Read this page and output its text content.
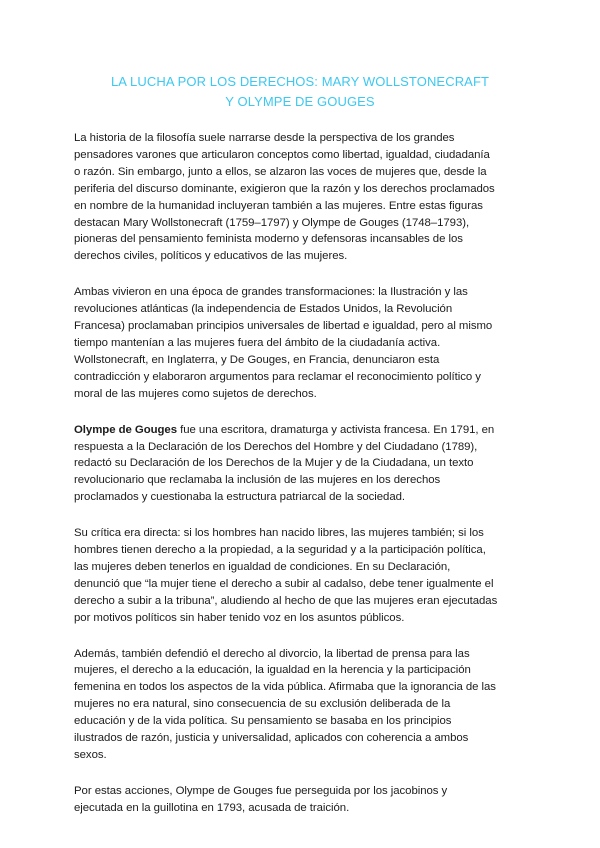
LA LUCHA POR LOS DERECHOS: MARY WOLLSTONECRAFT
Y OLYMPE DE GOUGES

La historia de la filosofía suele narrarse desde la perspectiva de los grandes
pensadores varones que articularon conceptos como libertad, igualdad, ciudadanía
o razón. Sin embargo, junto a ellos, se alzaron las voces de mujeres que, desde la
periferia del discurso dominante, exigieron que la razón y los derechos proclamados
en nombre de la humanidad incluyeran también a las mujeres. Entre estas figuras
destacan Mary Wollstonecraft (1759–1797) y Olympe de Gouges (1748–1793),
pioneras del pensamiento feminista moderno y defensoras incansables de los
derechos civiles, políticos y educativos de las mujeres.

Ambas vivieron en una época de grandes transformaciones: la Ilustración y las
revoluciones atlánticas (la independencia de Estados Unidos, la Revolución
Francesa) proclamaban principios universales de libertad e igualdad, pero al mismo
tiempo mantenían a las mujeres fuera del ámbito de la ciudadanía activa.
Wollstonecraft, en Inglaterra, y De Gouges, en Francia, denunciaron esta
contradicción y elaboraron argumentos para reclamar el reconocimiento político y
moral de las mujeres como sujetos de derechos.

Olympe de Gouges fue una escritora, dramaturga y activista francesa. En 1791, en
respuesta a la Declaración de los Derechos del Hombre y del Ciudadano (1789),
redactó su Declaración de los Derechos de la Mujer y de la Ciudadana, un texto
revolucionario que reclamaba la inclusión de las mujeres en los derechos
proclamados y cuestionaba la estructura patriarcal de la sociedad.

Su crítica era directa: si los hombres han nacido libres, las mujeres también; si los
hombres tienen derecho a la propiedad, a la seguridad y a la participación política,
las mujeres deben tenerlos en igualdad de condiciones. En su Declaración,
denunció que “la mujer tiene el derecho a subir al cadalso, debe tener igualmente el
derecho a subir a la tribuna”, aludiendo al hecho de que las mujeres eran ejecutadas
por motivos políticos sin haber tenido voz en los asuntos públicos.

Además, también defendió el derecho al divorcio, la libertad de prensa para las
mujeres, el derecho a la educación, la igualdad en la herencia y la participación
femenina en todos los aspectos de la vida pública. Afirmaba que la ignorancia de las
mujeres no era natural, sino consecuencia de su exclusión deliberada de la
educación y de la vida política. Su pensamiento se basaba en los principios
ilustrados de razón, justicia y universalidad, aplicados con coherencia a ambos
sexos.

Por estas acciones, Olympe de Gouges fue perseguida por los jacobinos y
ejecutada en la guillotina en 1793, acusada de traición.
